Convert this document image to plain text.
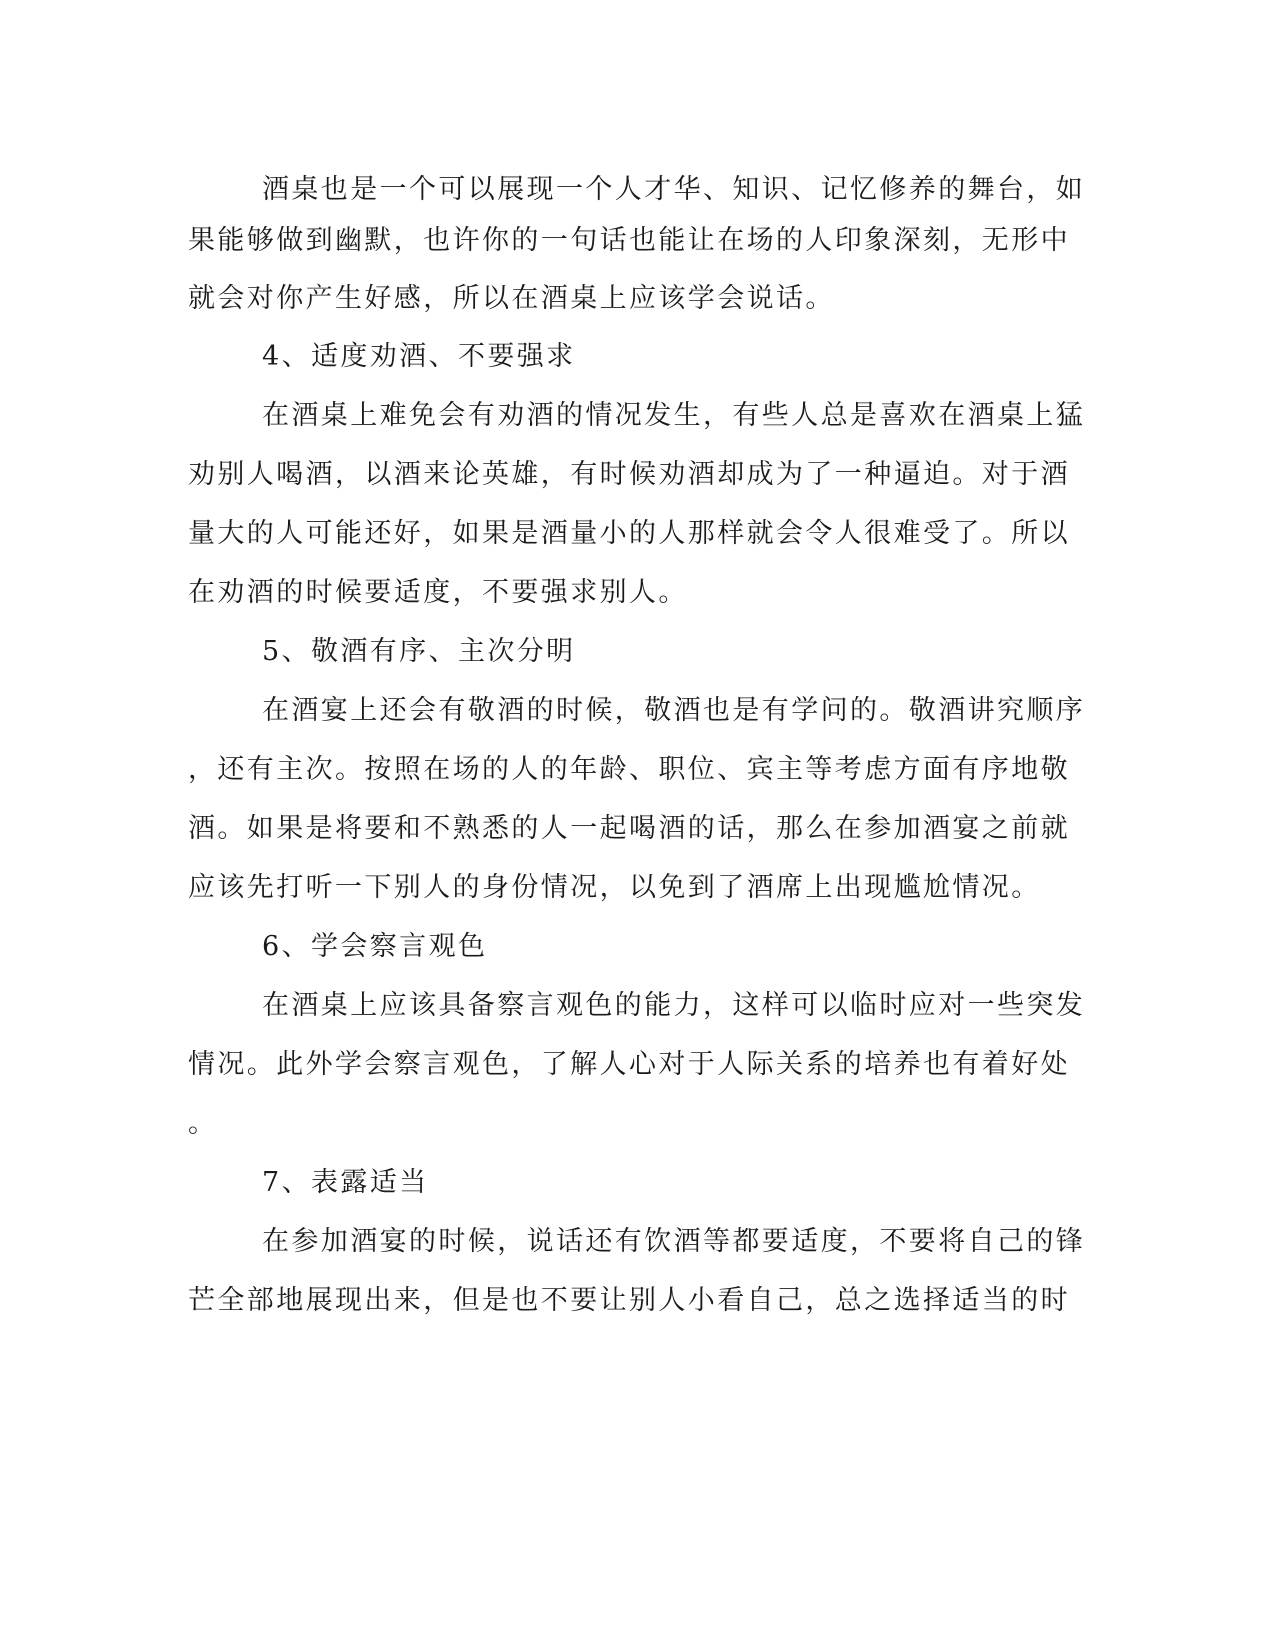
酒桌也是一个可以展现一个人才华、知识、记忆修养的舞台，如
果能够做到幽默，也许你的一句话也能让在场的人印象深刻，无形中
就会对你产生好感，所以在酒桌上应该学会说话。
4、适度劝酒、不要强求
在酒桌上难免会有劝酒的情况发生，有些人总是喜欢在酒桌上猛
劝别人喝酒，以酒来论英雄，有时候劝酒却成为了一种逼迫。对于酒
量大的人可能还好，如果是酒量小的人那样就会令人很难受了。所以
在劝酒的时候要适度，不要强求别人。
5、敬酒有序、主次分明
在酒宴上还会有敬酒的时候，敬酒也是有学问的。敬酒讲究顺序
，还有主次。按照在场的人的年龄、职位、宾主等考虑方面有序地敬
酒。如果是将要和不熟悉的人一起喝酒的话，那么在参加酒宴之前就
应该先打听一下别人的身份情况，以免到了酒席上出现尴尬情况。
6、学会察言观色
在酒桌上应该具备察言观色的能力，这样可以临时应对一些突发
情况。此外学会察言观色，了解人心对于人际关系的培养也有着好处
。
7、表露适当
在参加酒宴的时候，说话还有饮酒等都要适度，不要将自己的锋
芒全部地展现出来，但是也不要让别人小看自己，总之选择适当的时
